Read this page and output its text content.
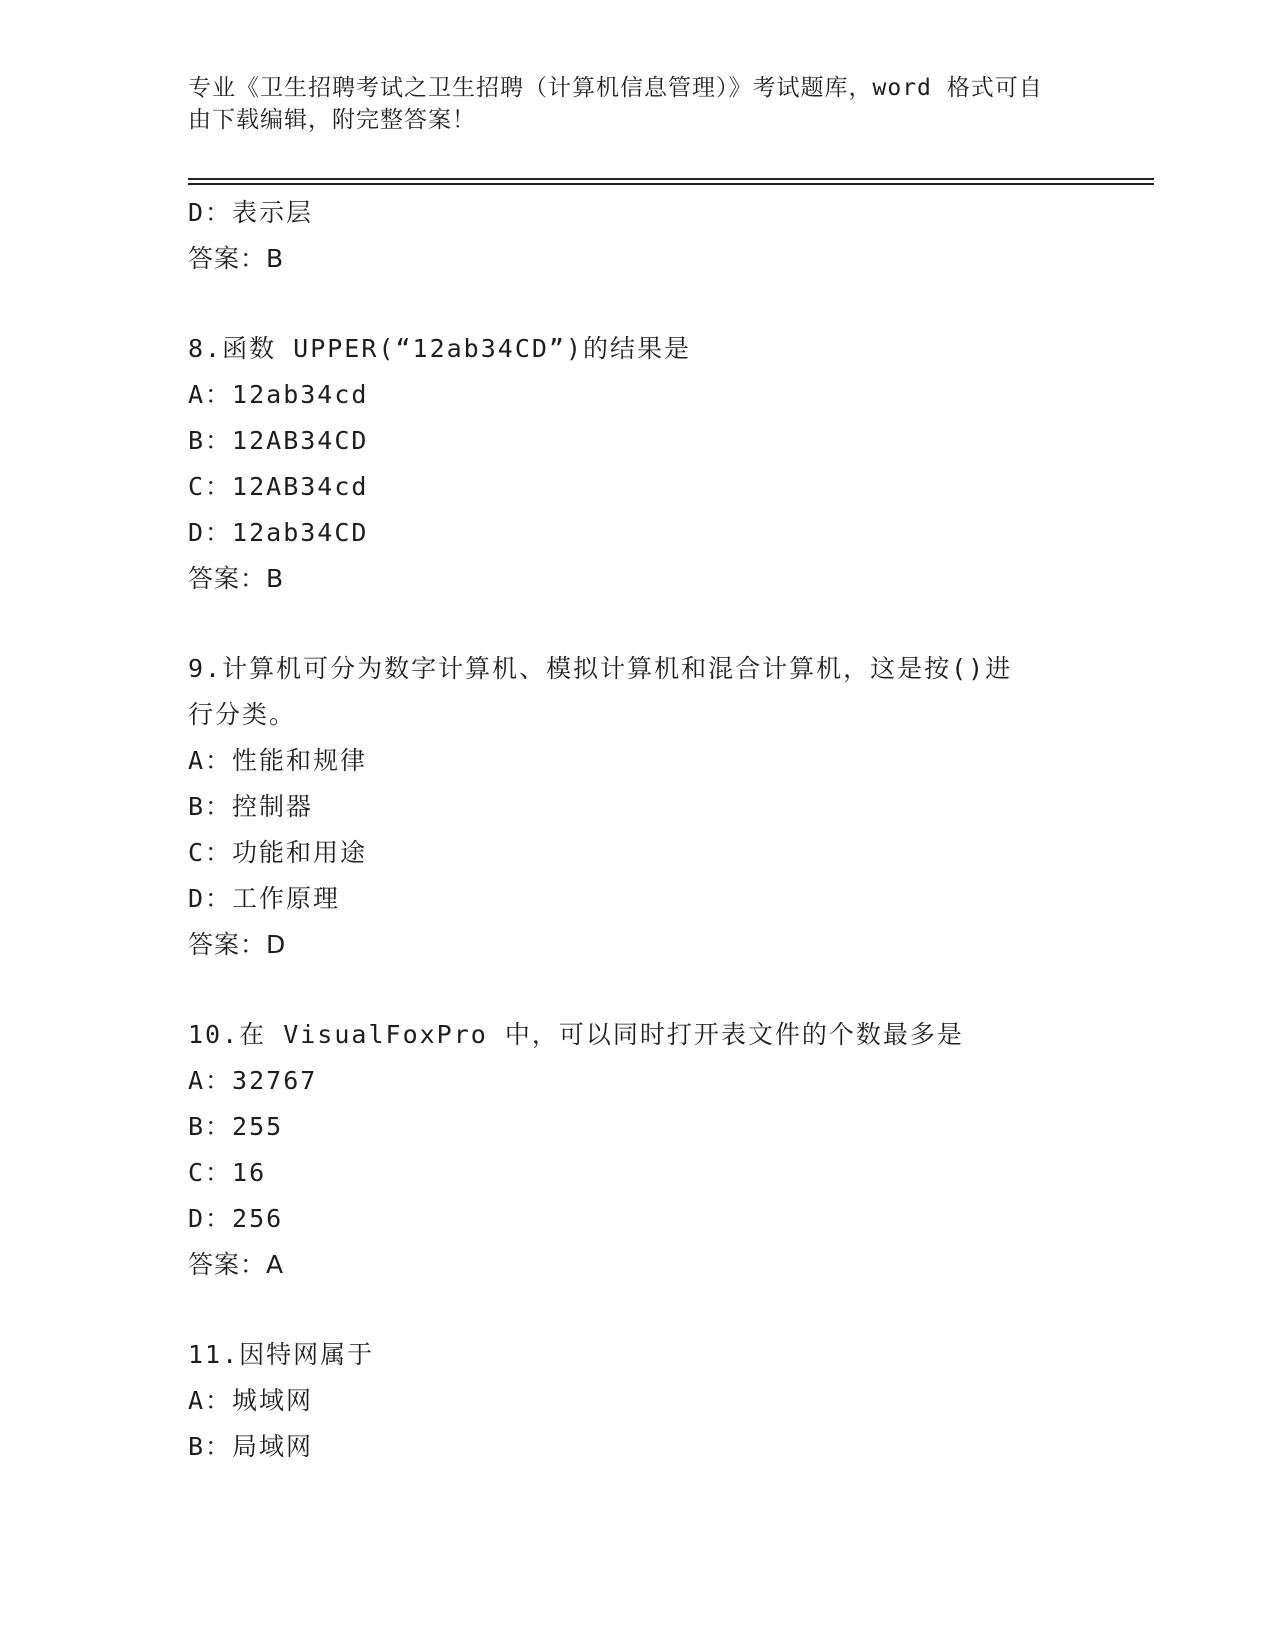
专业《卫生招聘考试之卫生招聘（计算机信息管理）》考试题库，word 格式可自
由下载编辑，附完整答案！
D：表示层
答案：B
8.函数 UPPER(“12ab34CD”)的结果是
A：12ab34cd
B：12AB34CD
C：12AB34cd
D：12ab34CD
答案：B
9.计算机可分为数字计算机、模拟计算机和混合计算机，这是按()进
行分类。
A：性能和规律
B：控制器
C：功能和用途
D：工作原理
答案：D
10.在 VisualFoxPro 中，可以同时打开表文件的个数最多是
A：32767
B：255
C：16
D：256
答案：A
11.因特网属于
A：城域网
B：局域网
